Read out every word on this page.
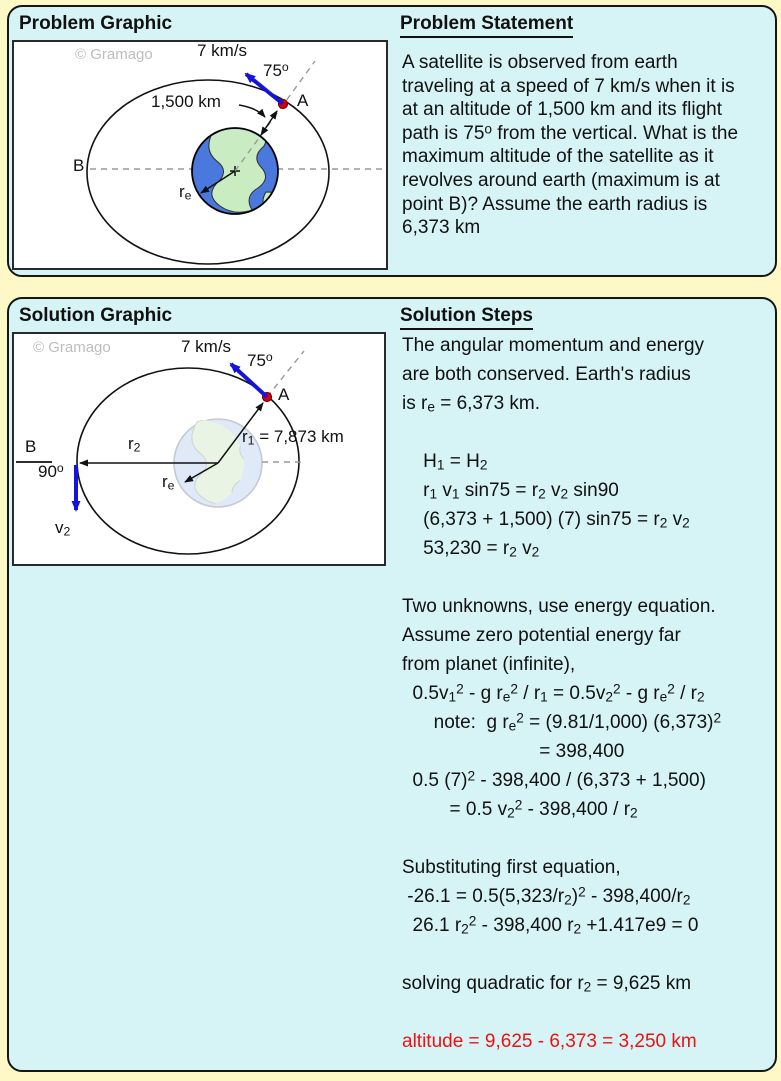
Problem Graphic
© Gramago	7 km/s
75$^o$
1,500 km	A
B
$r_e$
Problem Statement
A satellite is observed from earth
traveling at a speed of 7 km/s when it is
at an altitude of 1,500 km and its flight
path is 75$^o$ from the vertical. What is the
maximum altitude of the satellite as it
revolves around earth (maximum is at
point B)? Assume the earth radius is
6,373 km
Solution Graphic
© Gramago	7 km/s
75$^o$
A
$r_1 = 7,873$ km
$r_2$
B
90$^o$
$v_2$
$r_e$
Solution Steps
The angular momentum and energy
are both conserved. Earth's radius
is $r_e = 6,373$ km.

$H_1 = H_2$
$r_1$ $v_1$ $\sin 75 = r_2$ $v_2$ sin90
(6,373 + 1,500) (7) $\sin 75 = r_2$ $v_2$
$53,230 = r_2$ $v_2$

Two unknowns, use energy equation.
Assume zero potential energy far
from planet (infinite),
$0.5v_1^2$ - g $r_e^2 / r_1 = 0.5v_2^2 - g$ $r_e^2 / r_2$
note:  g $r_e^2 = (9.81/1,000)$ $(6,373)^2$
= 398,400
0.5 $(7)^2 - 398,400 / (6,373 + 1,500)$
= 0.5 $v_2^2 - 398,400 / r_2$

Substituting first equation,
$-26.1 = 0.5(5,323/r_2)^2 - 398,400/r_2$
26.1 $r_2^2 - 398,400$ $r_2 +1.417e9 = 0$

solving quadratic for $r_2 = 9,625$ km

altitude = 9,625 - 6,373 = 3,250 km
